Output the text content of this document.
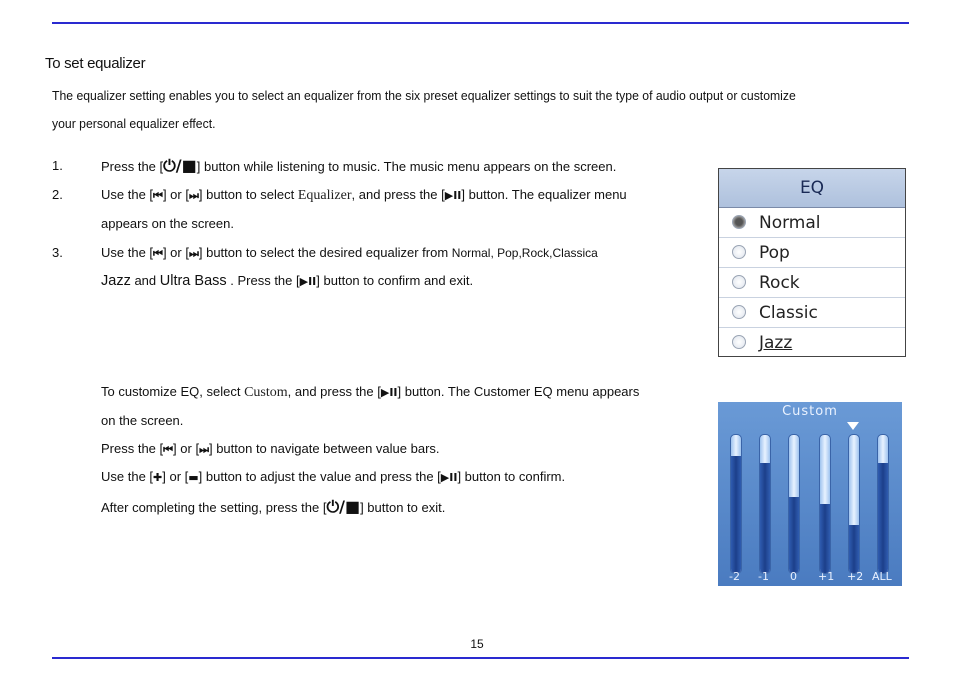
To set equalizer
The equalizer setting enables you to select an equalizer from the six preset equalizer settings to suit the type of audio output or customize
your personal equalizer effect.
1.	Press the [⏻/■] button while listening to music. The music menu appears on the screen.
2.	Use the [⏮] or [⏭] button to select Equalizer, and press the [▶II] button. The equalizer menu
appears on the screen.
3.	Use the [⏮] or [⏭] button to select the desired equalizer from Normal, Pop,Rock,Classica
Jazz and Ultra Bass . Press the [▶II] button to confirm and exit.
To customize EQ, select Custom, and press the [▶II] button. The Customer EQ menu appears
on the screen.
Press the [⏮] or [⏭] button to navigate between value bars.
Use the [✚] or [▬] button to adjust the value and press the [▶II] button to confirm.
After completing the setting, press the [⏻/■] button to exit.
EQ
Normal
Pop
Rock
Classic
Jazz
Custom
-2 -1 0 +1 +2 ALL
15
